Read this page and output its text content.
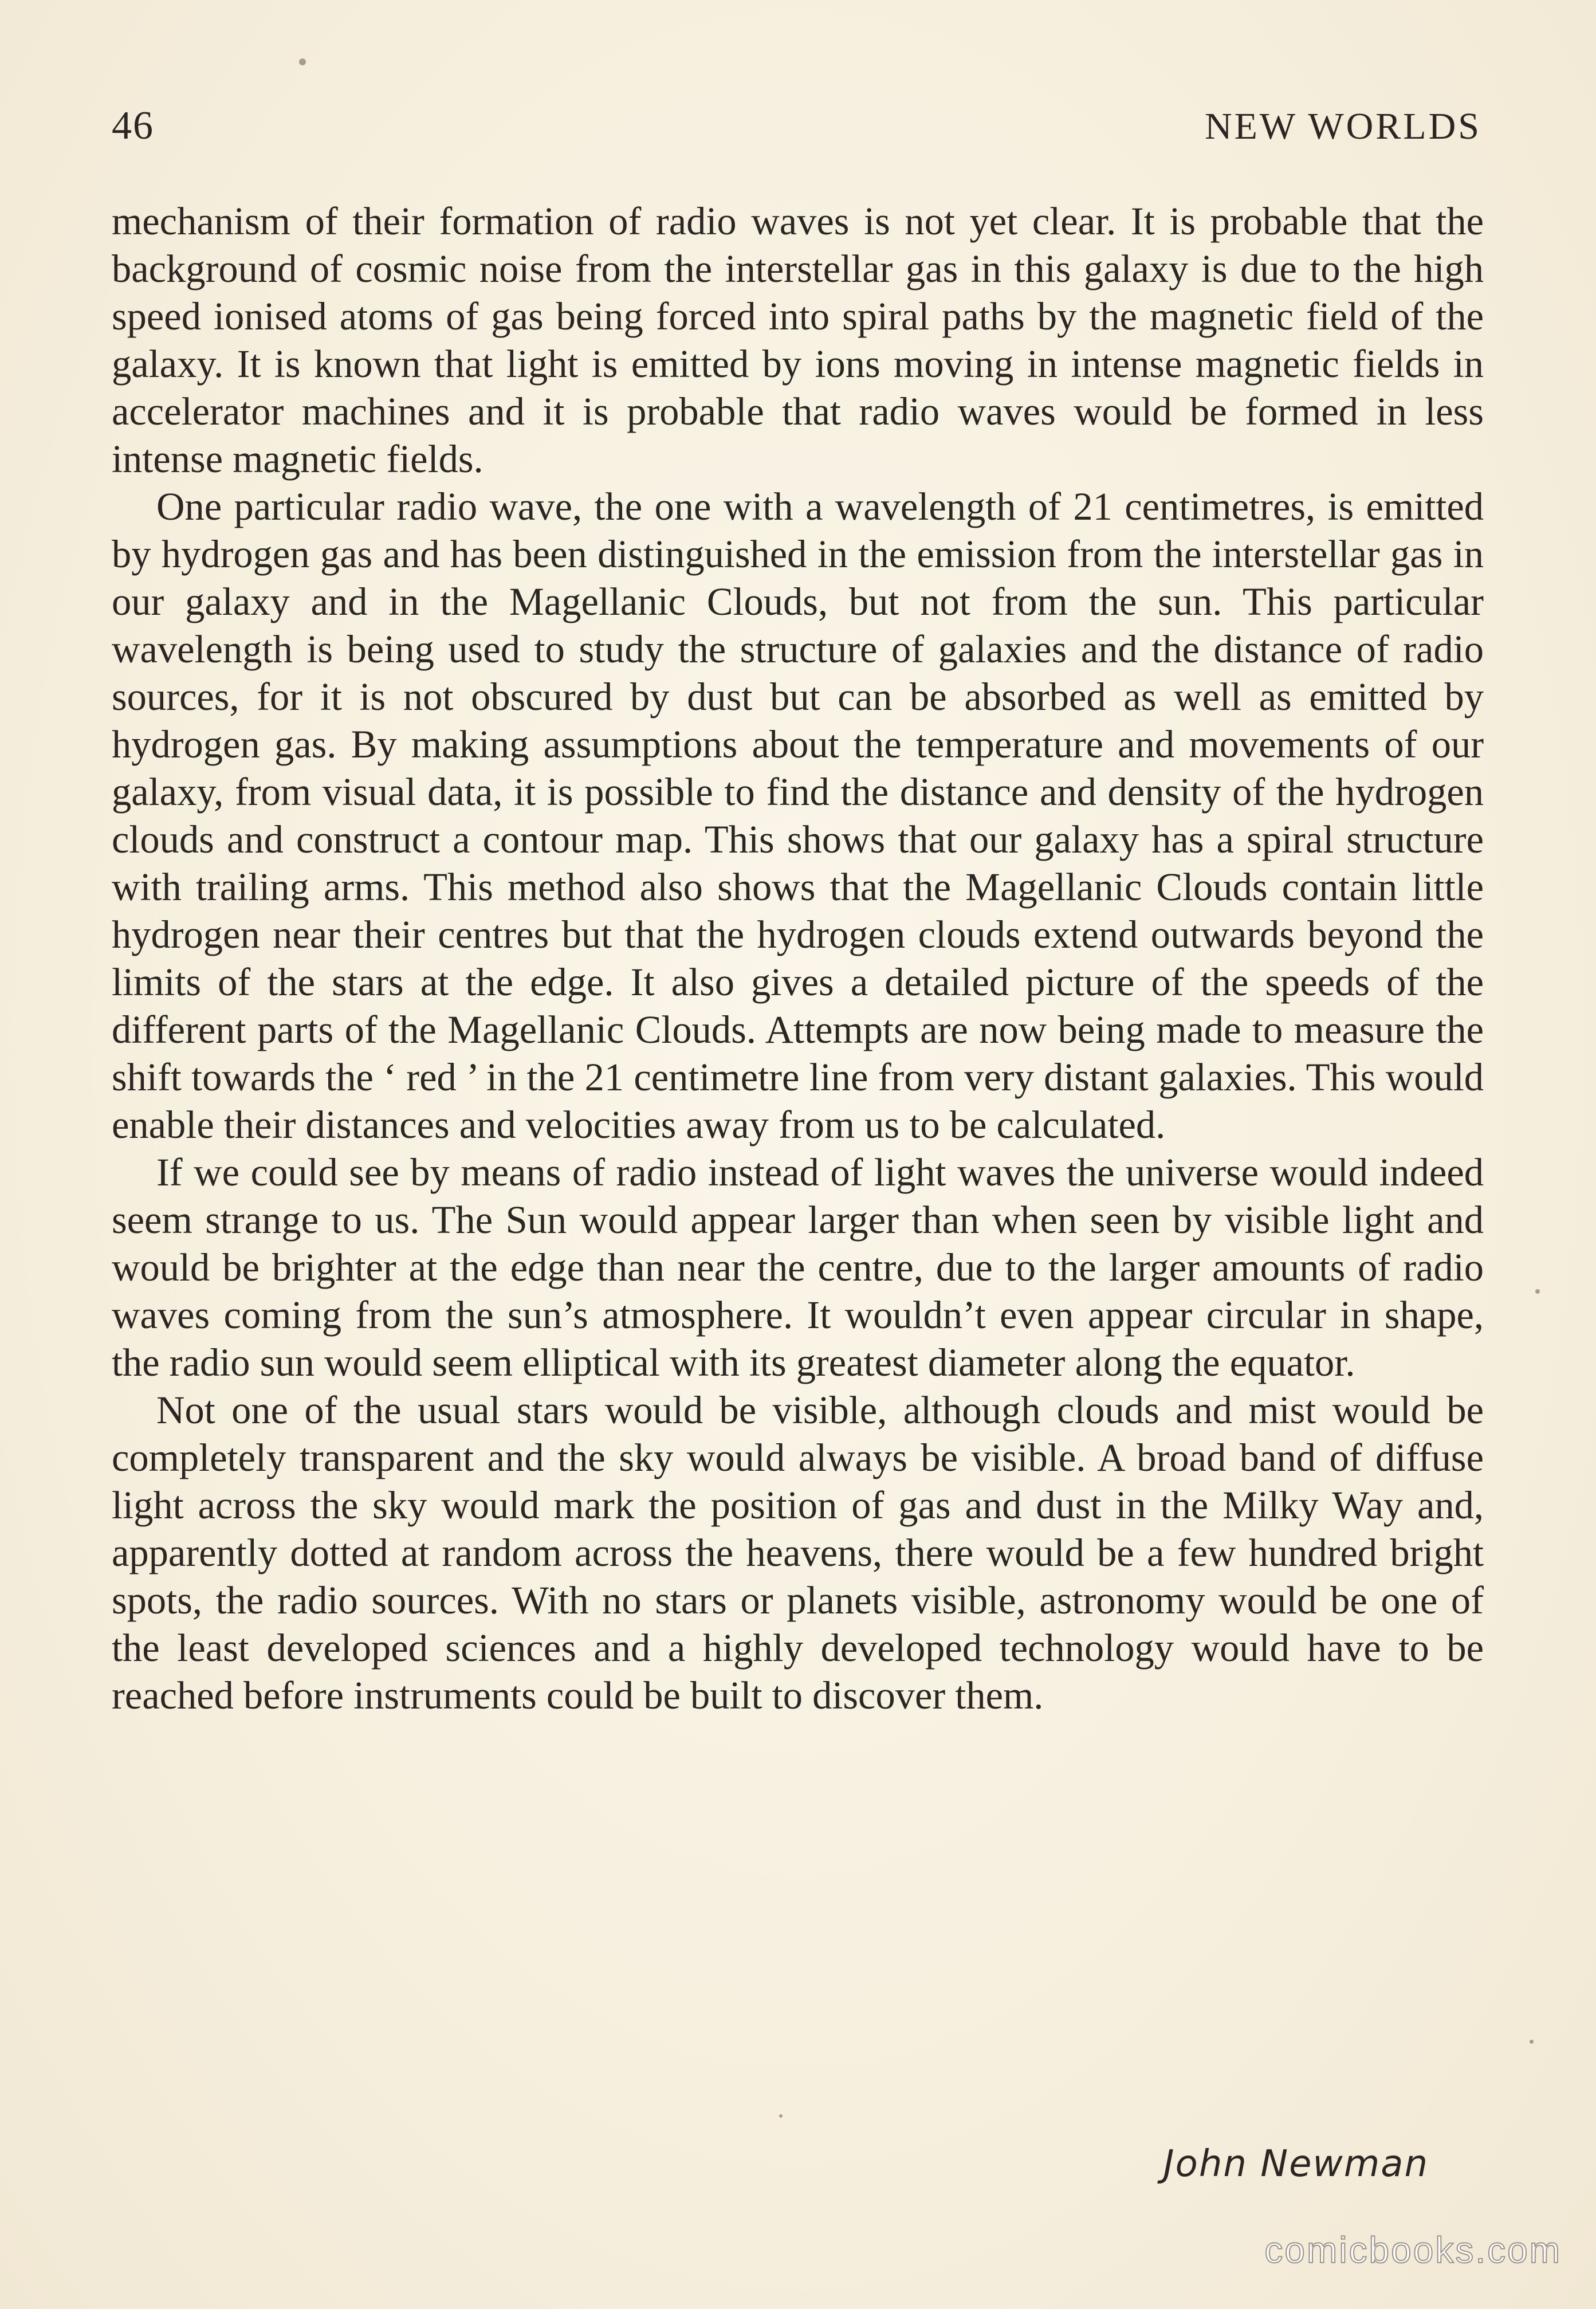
46	NEW WORLDS

mechanism of their formation of radio waves is not yet clear. It is probable that the background of cosmic noise from the interstellar gas in this galaxy is due to the high speed ionised atoms of gas being forced into spiral paths by the magnetic field of the galaxy. It is known that light is emitted by ions moving in intense magnetic fields in accelerator machines and it is probable that radio waves would be formed in less intense magnetic fields.

One particular radio wave, the one with a wavelength of 21 centimetres, is emitted by hydrogen gas and has been distinguished in the emission from the interstellar gas in our galaxy and in the Magellanic Clouds, but not from the sun. This particular wavelength is being used to study the structure of galaxies and the distance of radio sources, for it is not obscured by dust but can be absorbed as well as emitted by hydrogen gas. By making assumptions about the temperature and movements of our galaxy, from visual data, it is possible to find the distance and density of the hydrogen clouds and construct a contour map. This shows that our galaxy has a spiral structure with trailing arms. This method also shows that the Magellanic Clouds contain little hydrogen near their centres but that the hydrogen clouds extend outwards beyond the limits of the stars at the edge. It also gives a detailed picture of the speeds of the different parts of the Magellanic Clouds. Attempts are now being made to measure the shift towards the ‘ red ’ in the 21 centimetre line from very distant galaxies. This would enable their distances and velocities away from us to be calculated.

If we could see by means of radio instead of light waves the universe would indeed seem strange to us. The Sun would appear larger than when seen by visible light and would be brighter at the edge than near the centre, due to the larger amounts of radio waves coming from the sun’s atmosphere. It wouldn’t even appear circular in shape, the radio sun would seem elliptical with its greatest diameter along the equator.

Not one of the usual stars would be visible, although clouds and mist would be completely transparent and the sky would always be visible. A broad band of diffuse light across the sky would mark the position of gas and dust in the Milky Way and, apparently dotted at random across the heavens, there would be a few hundred bright spots, the radio sources. With no stars or planets visible, astronomy would be one of the least developed sciences and a highly developed technology would have to be reached before instruments could be built to discover them.

John Newman
comicbooks.com
